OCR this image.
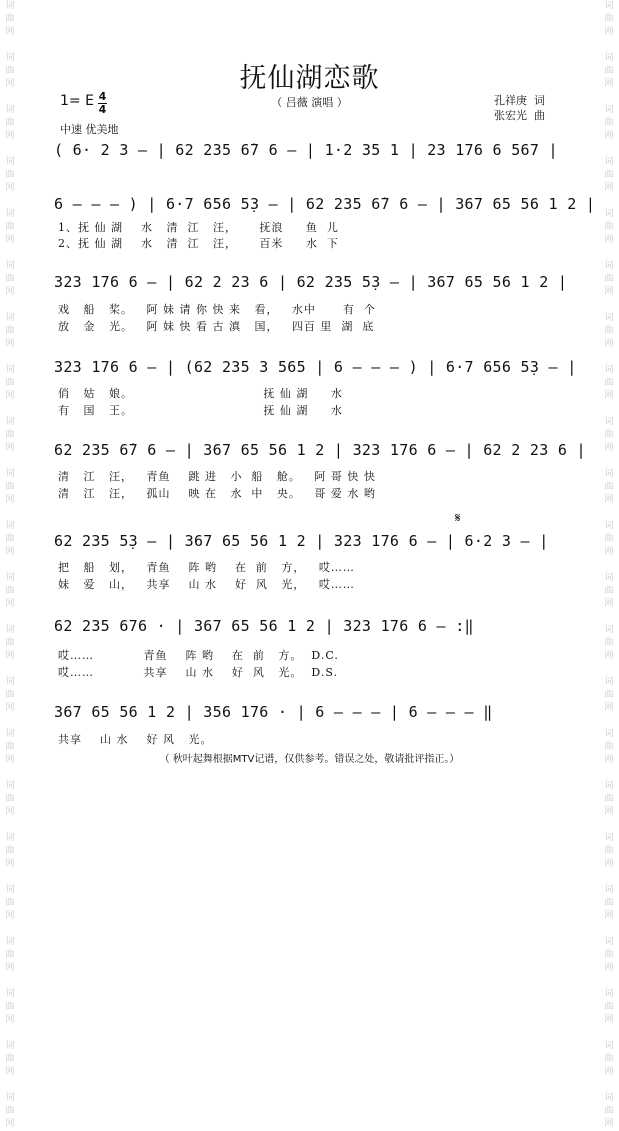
词
曲
网

词
曲
网

词
曲
网

词
曲
网

词
曲
网

词
曲
网

词
曲
网

词
曲
网

词
曲
网

词
曲
网

词
曲
网

词
曲
网

词
曲
网

词
曲
网

词
曲
网

词
曲
网

词
曲
网

词
曲
网

词
曲
网

词
曲
网

词
曲
网

词
曲
网

词
曲
网

词
曲
网

词
曲
网

词
曲
网

词
曲
网

词
曲
网

词
曲
网

词
曲
网

词
曲
网

词
曲
网

词
曲
网

词
曲
网

词
曲
网

词
曲
网

词
曲
网

词
曲
网

词
曲
网

词
曲
网

词
曲
网

词
曲
网

词
曲
网

词
曲
网

抚仙湖恋歌
（ 吕薇 演唱 ）
1= E 4
4
中速 优美地
孔祥庚  词
张宏光  曲
𝄋
( 6· 2 3 – | 62 235 6̇7 6 – | 1·2 35 1 | 23 176 6 567 |
6 – – – ) | 6·7 656 5̣3 – | 62 235 6̇7 6 – | 367 65 56 1 2 |
1、抚 仙 湖    水   清  江   汪，     抚浪     鱼  儿
2、抚 仙 湖    水   清  江   汪，     百米     水  下
323 176 6 – | 62 2 23 6 | 62 235 5̣3 – | 367 65 56 1 2 |
戏   船   桨。   阿 妹 请 你 快 来   看，   水中      有  个
放   金   光。   阿 妹 快 看 古 滇   国，   四百 里  湖  底
323 176 6 – | (62 235 3 565 | 6 – – – ) | 6·7 656 5̣3 – |
俏   姑   娘。                             抚 仙 湖     水
有   国   王。                             抚 仙 湖     水
62 235 6̇7 6 – | 367 65 56 1 2 | 323 176 6 – | 62 2 23 6 |
清   江   汪，   青鱼    跳 进   小  船   舱。   阿 哥 快 快
清   江   汪，   孤山    映 在   水  中   央。   哥 爱 水 哟
62 235 5̣3 – | 367 65 56 1 2 | 323 176 6 – | 6·2 3 – |
把   船   划，   青鱼    阵 哟    在  前   方，   哎……
妹   爱   山，   共享    山 水    好  风   光，   哎……
62 235 676 · | 367 65 56 1 2 | 323 176 6 – :‖
哎……           青鱼    阵 哟    在  前   方。  D.C.
哎……           共享    山 水    好  风   光。  D.S.
367 65 56 1 2 | 356 176 · | 6 – – – | 6 – – – ‖
共享    山 水    好 风   光。
（ 秋叶起舞根据MTV记谱，仅供参考。错误之处，敬请批评指正。）
